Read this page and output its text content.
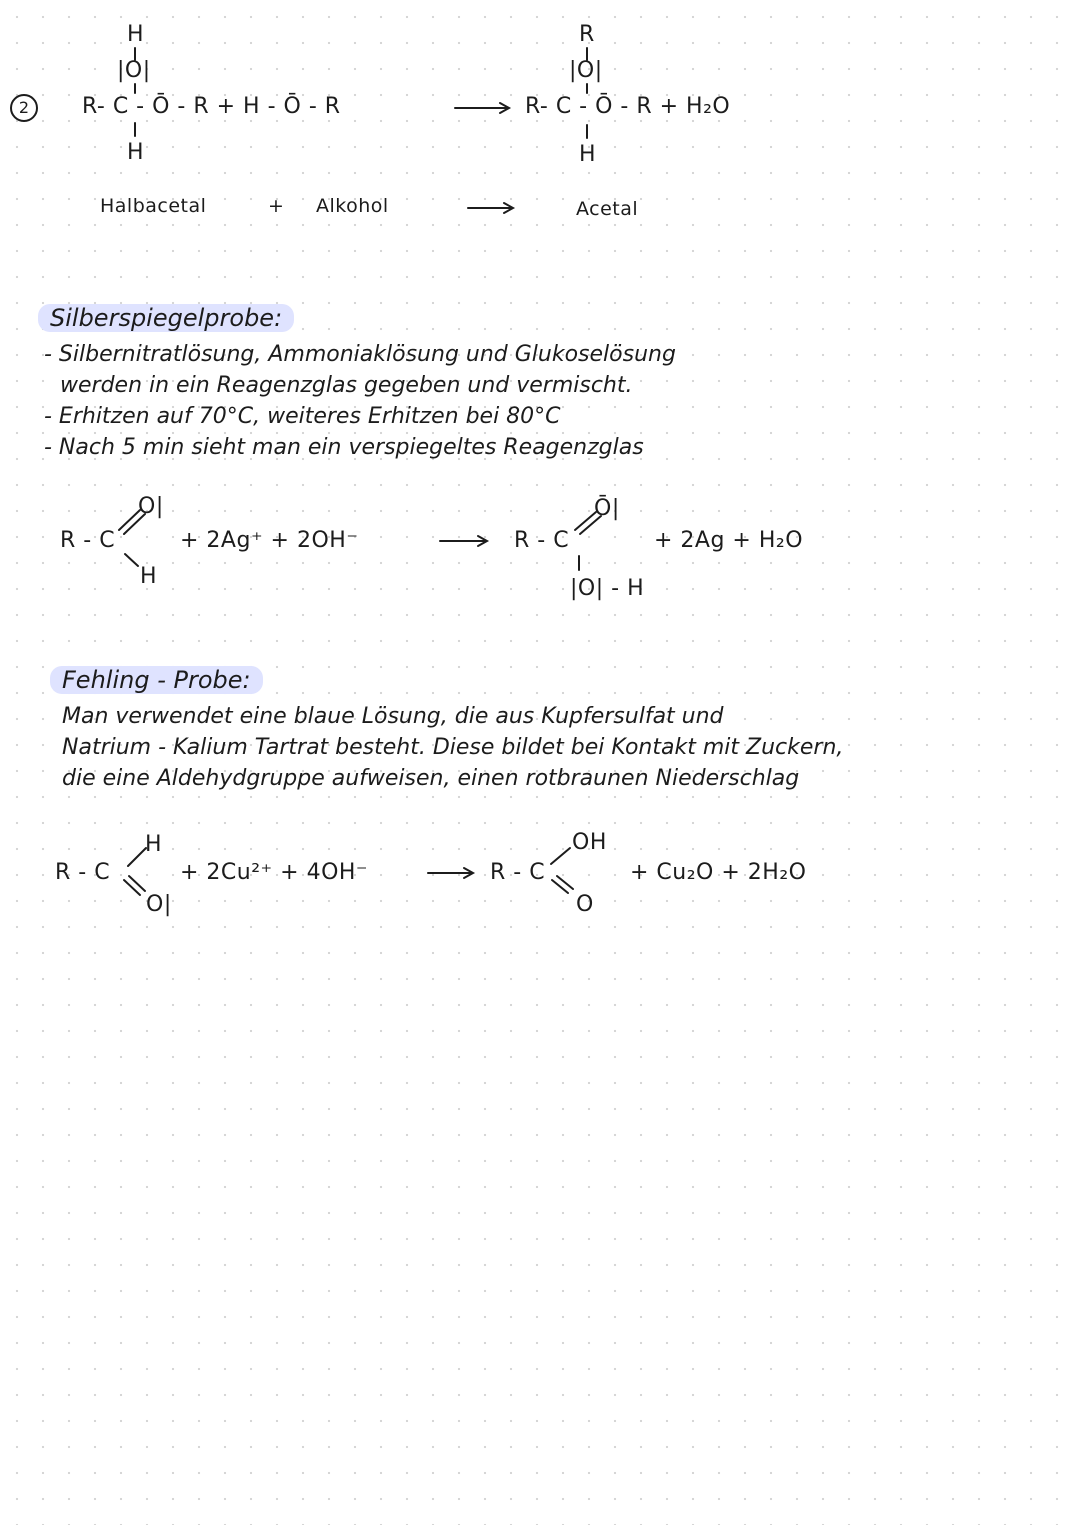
2
H
|O|
R- C - Ō - R + H - Ō - R
H
R
|O|
R- C - Ō - R + H₂O
H
Halbacetal	+ Alkohol	Acetal
Silberspiegelprobe:
- Silbernitratlösung, Ammoniaklösung und Glukoselösung
werden in ein Reagenzglas gegeben und vermischt.
- Erhitzen auf 70°C, weiteres Erhitzen bei 80°C
- Nach 5 min sieht man ein verspiegeltes Reagenzglas
O|
R - C
H
+ 2Ag⁺ + 2OH⁻
Ō|
R - C
|O| - H
+ 2Ag + H₂O
Fehling - Probe:
Man verwendet eine blaue Lösung, die aus Kupfersulfat und
Natrium - Kalium Tartrat besteht. Diese bildet bei Kontakt mit Zuckern,
die eine Aldehydgruppe aufweisen, einen rotbraunen Niederschlag
H
R - C
O|
+ 2Cu²⁺ + 4OH⁻
OH
R - C
O
+ Cu₂O + 2H₂O
